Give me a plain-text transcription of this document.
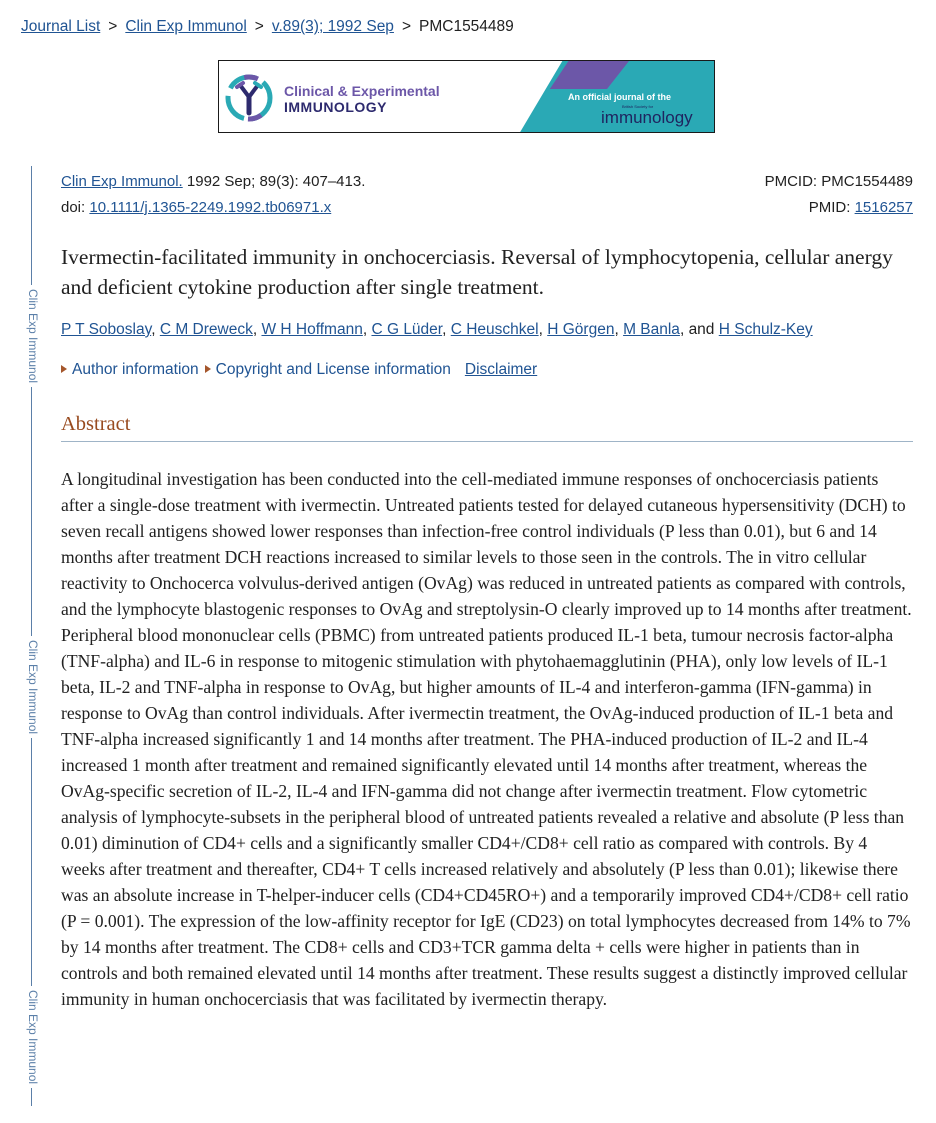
Journal List > Clin Exp Immunol > v.89(3); 1992 Sep > PMC1554489
Clinical & Experimental
IMMUNOLOGY
An official journal of the
British Society for
immunology
Clin Exp Immunol
Clin Exp Immunol
Clin Exp Immunol
Clin Exp Immunol. 1992 Sep; 89(3): 407–413.
doi: 10.1111/j.1365-2249.1992.tb06971.x
PMCID: PMC1554489
PMID: 1516257
Ivermectin-facilitated immunity in onchocerciasis. Reversal of lymphocytopenia, cellular anergy and deficient cytokine production after single treatment.
P T Soboslay, C M Dreweck, W H Hoffmann, C G Lüder, C Heuschkel, H Görgen, M Banla, and H Schulz-Key
Author information Copyright and License information Disclaimer
Abstract

A longitudinal investigation has been conducted into the cell-mediated immune responses of onchocerciasis patients after a single-dose treatment with ivermectin. Untreated patients tested for delayed cutaneous hypersensitivity (DCH) to seven recall antigens showed lower responses than infection-free control individuals (P less than 0.01), but 6 and 14 months after treatment DCH reactions increased to similar levels to those seen in the controls. The in vitro cellular reactivity to Onchocerca volvulus-derived antigen (OvAg) was reduced in untreated patients as compared with controls, and the lymphocyte blastogenic responses to OvAg and streptolysin-O clearly improved up to 14 months after treatment. Peripheral blood mononuclear cells (PBMC) from untreated patients produced IL-1 beta, tumour necrosis factor-alpha (TNF-alpha) and IL-6 in response to mitogenic stimulation with phytohaemagglutinin (PHA), only low levels of IL-1 beta, IL-2 and TNF-alpha in response to OvAg, but higher amounts of IL-4 and interferon-gamma (IFN-gamma) in response to OvAg than control individuals. After ivermectin treatment, the OvAg-induced production of IL-1 beta and TNF-alpha increased significantly 1 and 14 months after treatment. The PHA-induced production of IL-2 and IL-4 increased 1 month after treatment and remained significantly elevated until 14 months after treatment, whereas the OvAg-specific secretion of IL-2, IL-4 and IFN-gamma did not change after ivermectin treatment. Flow cytometric analysis of lymphocyte-subsets in the peripheral blood of untreated patients revealed a relative and absolute (P less than 0.01) diminution of CD4+ cells and a significantly smaller CD4+/CD8+ cell ratio as compared with controls. By 4 weeks after treatment and thereafter, CD4+ T cells increased relatively and absolutely (P less than 0.01); likewise there was an absolute increase in T-helper-inducer cells (CD4+CD45RO+) and a temporarily improved CD4+/CD8+ cell ratio (P = 0.001). The expression of the low-affinity receptor for IgE (CD23) on total lymphocytes decreased from 14% to 7% by 14 months after treatment. The CD8+ cells and CD3+TCR gamma delta + cells were higher in patients than in controls and both remained elevated until 14 months after treatment. These results suggest a distinctly improved cellular immunity in human onchocerciasis that was facilitated by ivermectin therapy.
